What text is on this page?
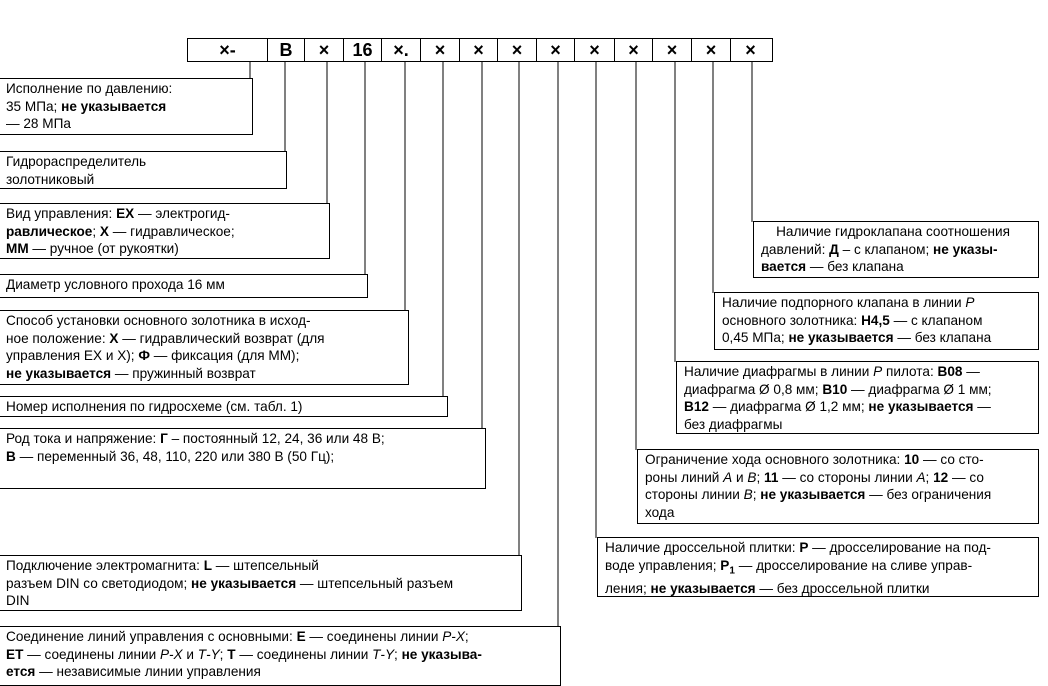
×-	B	×	16	×.	×	×	×	×	×	×	×	×	×
Исполнение по давлению:
35 МПа; не указывается
— 28 МПа
Гидрораспределитель
золотниковый
Вид управления: ЕХ — электрогид-
равлическое; Х — гидравлическое;
ММ — ручное (от рукоятки)
Диаметр условного прохода 16 мм
Способ установки основного золотника в исход-
ное положение: Х — гидравлический возврат (для
управления ЕХ и Х); Ф — фиксация (для ММ);
не указывается — пружинный возврат
Номер исполнения по гидросхеме (см. табл. 1)
Род тока и напряжение: Г – постоянный 12, 24, 36 или 48 В;
В — переменный 36, 48, 110, 220 или 380 В (50 Гц);
Подключение электромагнита: L — штепсельный
разъем DIN со светодиодом; не указывается — штепсельный разъем
DIN
Соединение линий управления с основными: Е — соединены линии Р-Х;
ЕТ — соединены линии Р-Х и Т-Y; Т — соединены линии Т-Y; не указыва-
ется — независимые линии управления
Наличие гидроклапана соотношения
давлений: Д – с клапаном; не указы-
вается — без клапана
Наличие подпорного клапана в линии Р
основного золотника: Н4,5 — с клапаном
0,45 МПа; не указывается — без клапана
Наличие диафрагмы в линии Р пилота: В08 —
диафрагма Ø 0,8 мм; В10 — диафрагма Ø 1 мм;
В12 — диафрагма Ø 1,2 мм; не указывается —
без диафрагмы
Ограничение хода основного золотника: 10 — со сто-
роны линий А и В; 11 — со стороны линии А; 12 — со
стороны линии В; не указывается — без ограничения
хода
Наличие дроссельной плитки: Р — дросселирование на под-
воде управления; $Р_1$ — дросселирование на сливе управ-
ления; не указывается — без дроссельной плитки
